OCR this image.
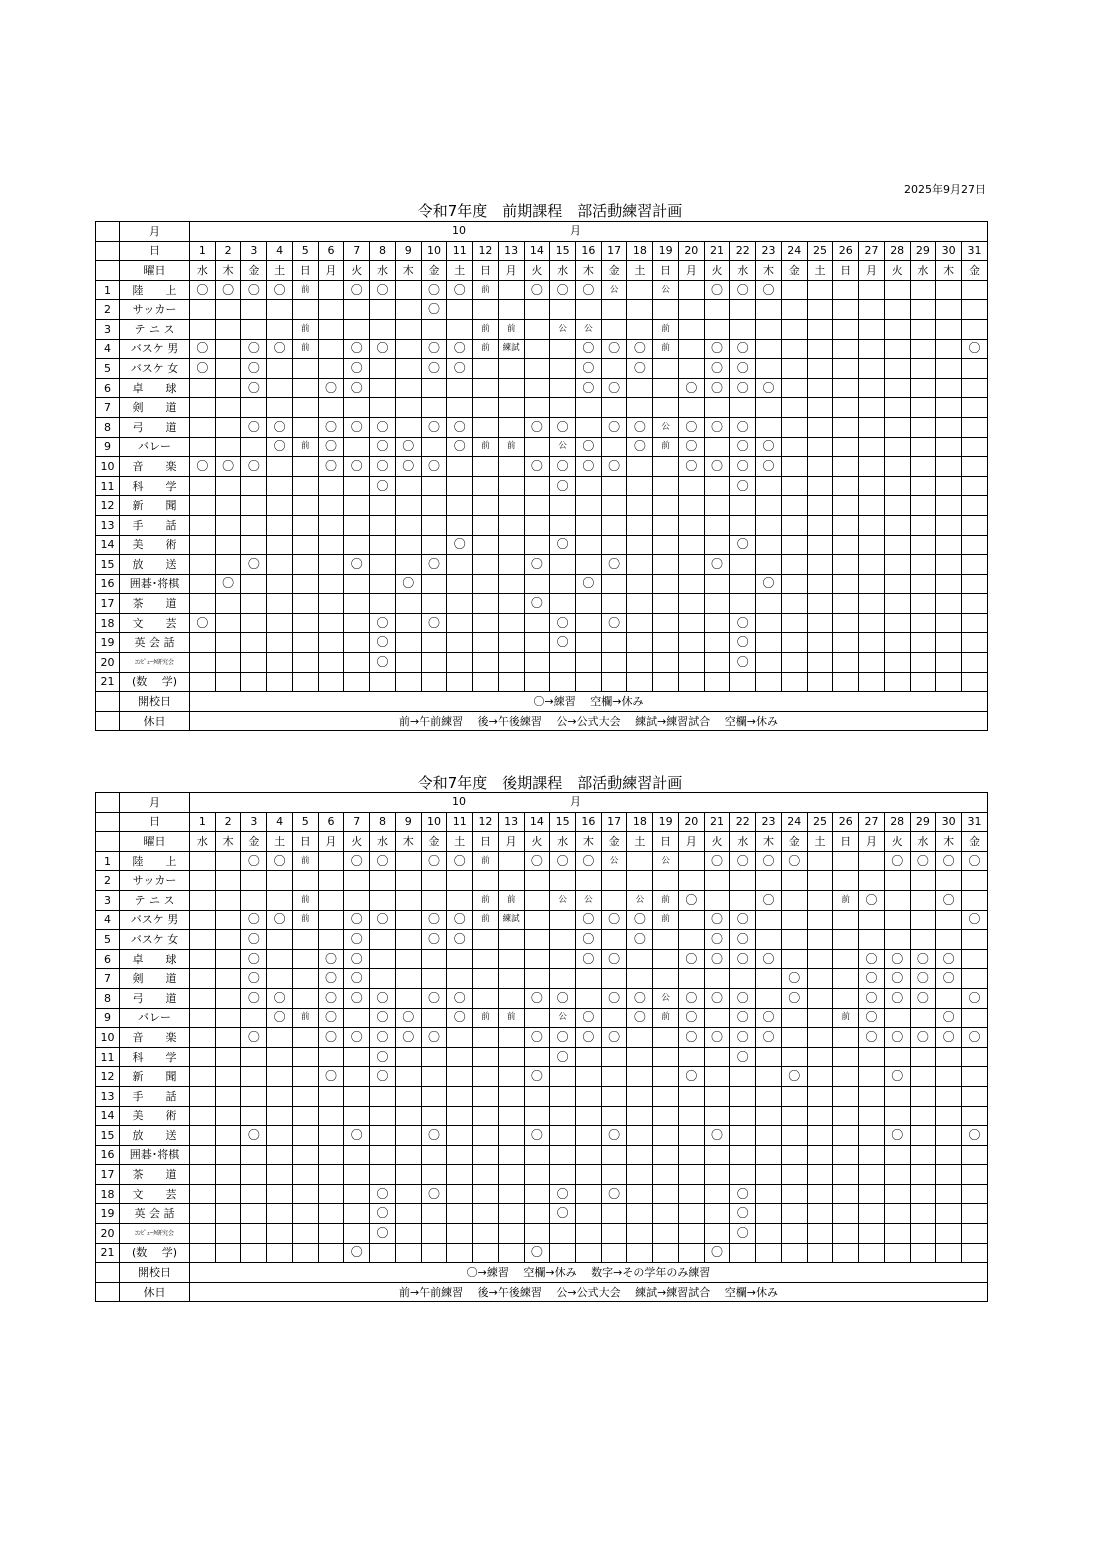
2025年9月27日
令和7年度　前期課程　部活動練習計画
令和7年度　後期課程　部活動練習計画
	月	10 月																														

	日	1	2	3	4	5	6	7	8	9	10	11	12	13	14	15	16	17	18	19	20	21	22	23	24	25	26	27	28	29	30	31
	曜日	水	木	金	土	日	月	火	水	木	金	土	日	月	火	水	木	金	土	日	月	火	水	木	金	土	日	月	火	水	木	金
1	陸　　上	〇	〇	〇	〇	前		〇	〇		〇	〇	前		〇	〇	〇	公		公		〇	〇	〇								
2	サッカー										〇																					
3	テ ニ ス					前							前	前		公	公			前												
4	バスケ 男	〇		〇	〇	前		〇	〇		〇	〇	前	練試			〇	〇	〇	前		〇	〇									〇
5	バスケ 女	〇		〇				〇			〇	〇					〇		〇			〇	〇									
6	卓　　球			〇			〇	〇									〇	〇			〇	〇	〇	〇								
7	剣　　道																															
8	弓　　道			〇	〇		〇	〇	〇		〇	〇			〇	〇		〇	〇	公	〇	〇	〇									
9	バレー				〇	前	〇		〇	〇		〇	前	前		公	〇		〇	前	〇		〇	〇								
10	音　　楽	〇	〇	〇			〇	〇	〇	〇	〇				〇	〇	〇	〇			〇	〇	〇	〇								
11	科　　学								〇							〇							〇									
12	新　　聞																															
13	手　　話																															
14	美　　術											〇				〇							〇									
15	放　　送			〇				〇			〇				〇			〇				〇										
16	囲碁･将棋		〇							〇							〇							〇								
17	茶　　道														〇																	
18	文　　芸	〇							〇		〇					〇		〇					〇									
19	英 会 話								〇							〇							〇									
20	ｺﾝﾋﾟｭｰﾀ研究会								〇														〇									
21	(数　 学)																															
	開校日	〇→練習　 空欄→休み																														
	休日	前→午前練習　 後→午後練習　 公→公式大会　 練試→練習試合　 空欄→休み																														
	月	10 月																														

	日	1	2	3	4	5	6	7	8	9	10	11	12	13	14	15	16	17	18	19	20	21	22	23	24	25	26	27	28	29	30	31
	曜日	水	木	金	土	日	月	火	水	木	金	土	日	月	火	水	木	金	土	日	月	火	水	木	金	土	日	月	火	水	木	金
1	陸　　上			〇	〇	前		〇	〇		〇	〇	前		〇	〇	〇	公		公		〇	〇	〇	〇				〇	〇	〇	〇
2	サッカー																															
3	テ ニ ス					前							前	前		公	公		公	前	〇			〇			前	〇			〇	
4	バスケ 男			〇	〇	前		〇	〇		〇	〇	前	練試			〇	〇	〇	前		〇	〇									〇
5	バスケ 女			〇				〇			〇	〇					〇		〇			〇	〇									
6	卓　　球			〇			〇	〇									〇	〇			〇	〇	〇	〇				〇	〇	〇	〇	
7	剣　　道			〇			〇	〇																	〇			〇	〇	〇	〇	
8	弓　　道			〇	〇		〇	〇	〇		〇	〇			〇	〇		〇	〇	公	〇	〇	〇		〇			〇	〇	〇		〇
9	バレー				〇	前	〇		〇	〇		〇	前	前		公	〇		〇	前	〇		〇	〇			前	〇			〇	
10	音　　楽			〇			〇	〇	〇	〇	〇				〇	〇	〇	〇			〇	〇	〇	〇				〇	〇	〇	〇	〇
11	科　　学								〇							〇							〇									
12	新　　聞						〇		〇						〇						〇				〇				〇			
13	手　　話																															
14	美　　術																															
15	放　　送			〇				〇			〇				〇			〇				〇							〇			〇
16	囲碁･将棋																															
17	茶　　道																															
18	文　　芸								〇		〇					〇		〇					〇									
19	英 会 話								〇							〇							〇									
20	ｺﾝﾋﾟｭｰﾀ研究会								〇														〇									
21	(数　 学)							〇							〇							〇										
	開校日	〇→練習　 空欄→休み　 数字→その学年のみ練習																														
	休日	前→午前練習　 後→午後練習　 公→公式大会　 練試→練習試合　 空欄→休み																														
